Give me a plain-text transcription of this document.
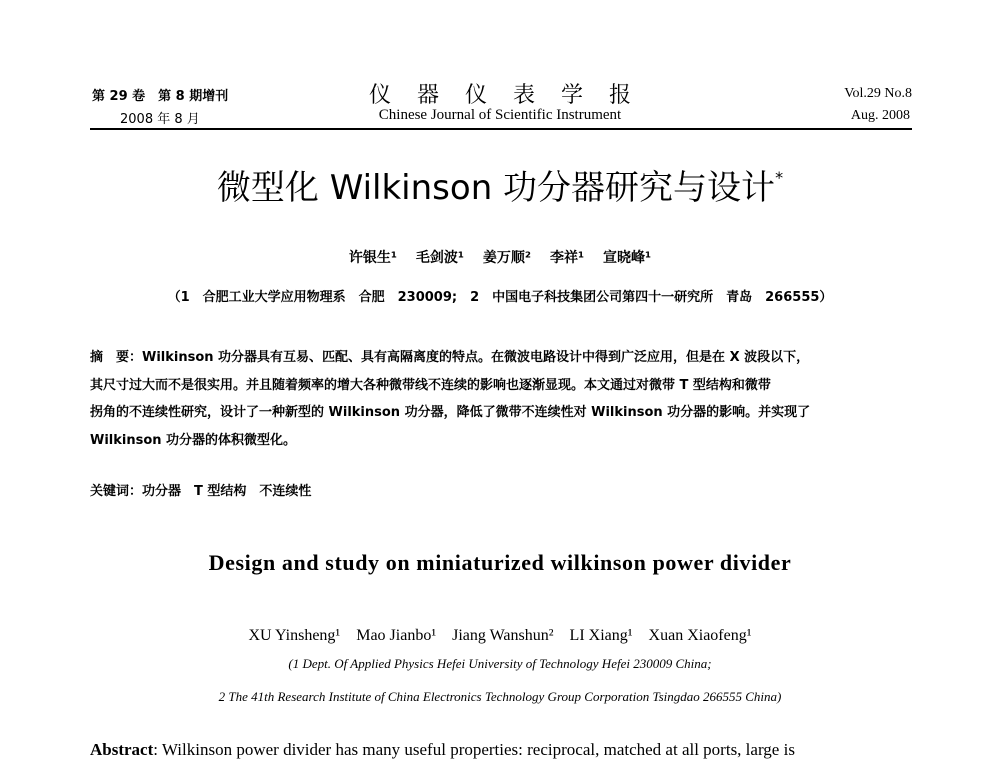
第 29 卷　第 8 期增刊
2008 年 8 月
仪器仪表学报
Chinese Journal of Scientific Instrument
Vol.29 No.8
Aug. 2008
微型化 Wilkinson 功分器研究与设计*
许银生¹ 毛剑波¹ 姜万顺² 李祥¹ 宣晓峰¹
（1　合肥工业大学应用物理系　合肥　230009;　2　中国电子科技集团公司第四十一研究所　青岛　266555）

摘　要：Wilkinson 功分器具有互易、匹配、具有高隔离度的特点。在微波电路设计中得到广泛应用，但是在 X 波段以下，

其尺寸过大而不是很实用。并且随着频率的增大各种微带线不连续的影响也逐渐显现。本文通过对微带 T 型结构和微带

拐角的不连续性研究，设计了一种新型的 Wilkinson 功分器，降低了微带不连续性对 Wilkinson 功分器的影响。并实现了

Wilkinson 功分器的体积微型化。

关键词：功分器　T 型结构　不连续性
Design and study on miniaturized wilkinson power divider
XU Yinsheng¹　Mao Jianbo¹　Jiang Wanshun²　LI Xiang¹　Xuan Xiaofeng¹
(1 Dept. Of Applied Physics Hefei University of Technology Hefei 230009 China;
2 The 41th Research Institute of China Electronics Technology Group Corporation Tsingdao 266555 China)
Abstract: Wilkinson power divider has many useful properties: reciprocal, matched at all ports, large is
